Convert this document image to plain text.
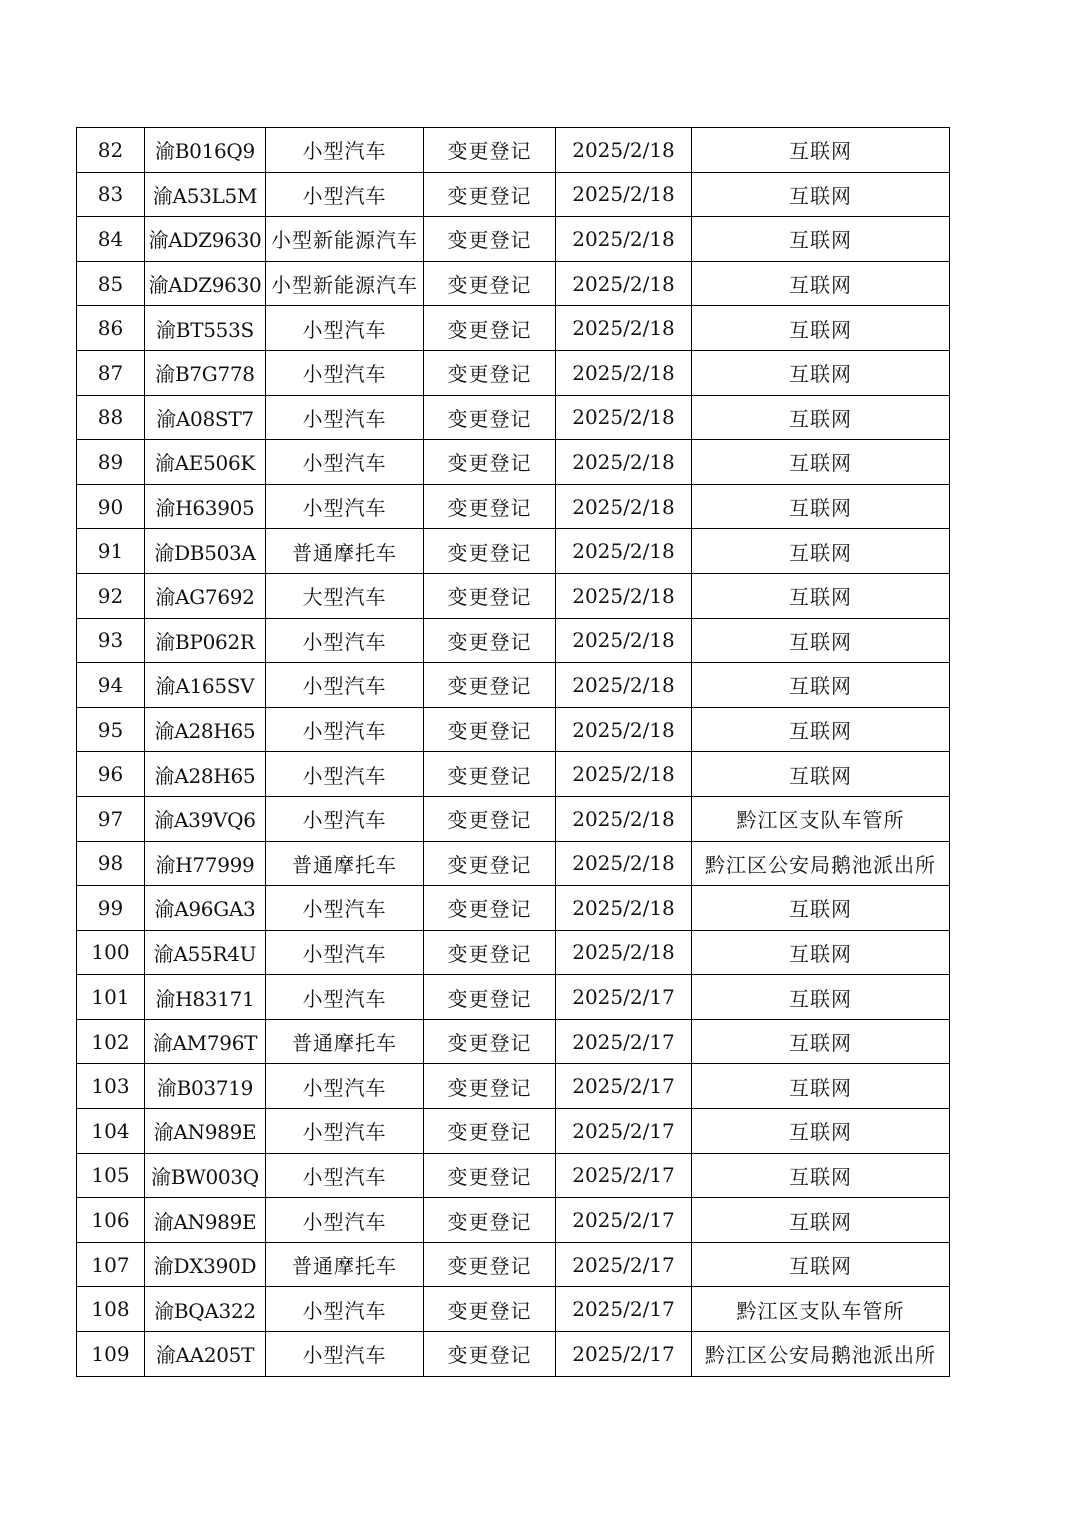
82	渝B016Q9	小型汽车	变更登记	2025/2/18	互联网
83	渝A53L5M	小型汽车	变更登记	2025/2/18	互联网
84	渝ADZ9630	小型新能源汽车	变更登记	2025/2/18	互联网
85	渝ADZ9630	小型新能源汽车	变更登记	2025/2/18	互联网
86	渝BT553S	小型汽车	变更登记	2025/2/18	互联网
87	渝B7G778	小型汽车	变更登记	2025/2/18	互联网
88	渝A08ST7	小型汽车	变更登记	2025/2/18	互联网
89	渝AE506K	小型汽车	变更登记	2025/2/18	互联网
90	渝H63905	小型汽车	变更登记	2025/2/18	互联网
91	渝DB503A	普通摩托车	变更登记	2025/2/18	互联网
92	渝AG7692	大型汽车	变更登记	2025/2/18	互联网
93	渝BP062R	小型汽车	变更登记	2025/2/18	互联网
94	渝A165SV	小型汽车	变更登记	2025/2/18	互联网
95	渝A28H65	小型汽车	变更登记	2025/2/18	互联网
96	渝A28H65	小型汽车	变更登记	2025/2/18	互联网
97	渝A39VQ6	小型汽车	变更登记	2025/2/18	黔江区支队车管所
98	渝H77999	普通摩托车	变更登记	2025/2/18	黔江区公安局鹅池派出所
99	渝A96GA3	小型汽车	变更登记	2025/2/18	互联网
100	渝A55R4U	小型汽车	变更登记	2025/2/18	互联网
101	渝H83171	小型汽车	变更登记	2025/2/17	互联网
102	渝AM796T	普通摩托车	变更登记	2025/2/17	互联网
103	渝B03719	小型汽车	变更登记	2025/2/17	互联网
104	渝AN989E	小型汽车	变更登记	2025/2/17	互联网
105	渝BW003Q	小型汽车	变更登记	2025/2/17	互联网
106	渝AN989E	小型汽车	变更登记	2025/2/17	互联网
107	渝DX390D	普通摩托车	变更登记	2025/2/17	互联网
108	渝BQA322	小型汽车	变更登记	2025/2/17	黔江区支队车管所
109	渝AA205T	小型汽车	变更登记	2025/2/17	黔江区公安局鹅池派出所
